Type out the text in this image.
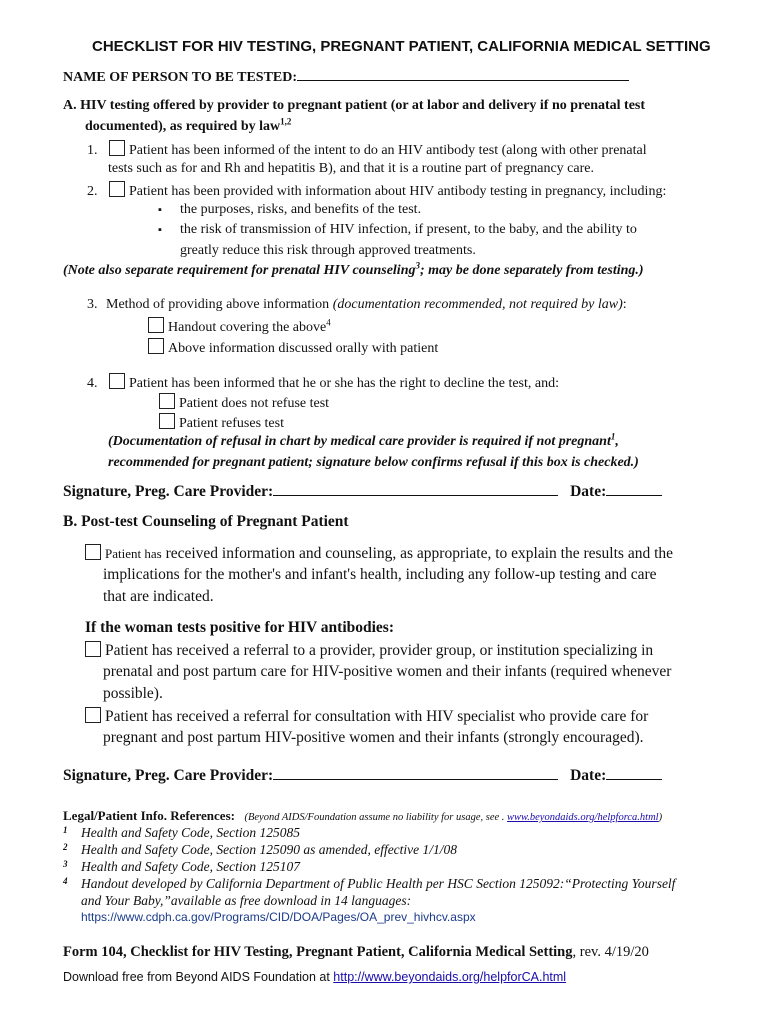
CHECKLIST FOR HIV TESTING, PREGNANT PATIENT, CALIFORNIA MEDICAL SETTING
NAME OF PERSON TO BE TESTED:
A. HIV testing offered by provider to pregnant patient (or at labor and delivery if no prenatal test
documented), as required by law$^{1,2}$
1. Patient has been informed of the intent to do an HIV antibody test (along with other prenatal
tests such as for and Rh and hepatitis B), and that it is a routine part of pregnancy care.
2. Patient has been provided with information about HIV antibody testing in pregnancy, including:
▪ the purposes, risks, and benefits of the test.
▪ the risk of transmission of HIV infection, if present, to the baby, and the ability to
greatly reduce this risk through approved treatments.
(Note also separate requirement for prenatal HIV counseling$^3$; may be done separately from testing.)
3. Method of providing above information (documentation recommended, not required by law):
Handout covering the above$^4$
Above information discussed orally with patient
4. Patient has been informed that he or she has the right to decline the test, and:
Patient does not refuse test
Patient refuses test
(Documentation of refusal in chart by medical care provider is required if not pregnant$^1$,
recommended for pregnant patient; signature below confirms refusal if this box is checked.)
Signature, Preg. Care Provider:	Date:
B. Post-test Counseling of Pregnant Patient
Patient has received information and counseling, as appropriate, to explain the results and the
implications for the mother's and infant's health, including any follow-up testing and care
that are indicated.
If the woman tests positive for HIV antibodies:
Patient has received a referral to a provider, provider group, or institution specializing in
prenatal and post partum care for HIV-positive women and their infants (required whenever
possible).
Patient has received a referral for consultation with HIV specialist who provide care for
pregnant and post partum HIV-positive women and their infants (strongly encouraged).
Signature, Preg. Care Provider:	Date:
Legal/Patient Info. References: (Beyond AIDS/Foundation assume no liability for usage, see . www.beyondaids.org/helpforca.html)
1 Health and Safety Code, Section 125085
2 Health and Safety Code, Section 125090 as amended, effective 1/1/08
3 Health and Safety Code, Section 125107
4 Handout developed by California Department of Public Health per HSC Section 125092:“Protecting Yourself
and Your Baby,”available as free download in 14 languages:
https://www.cdph.ca.gov/Programs/CID/DOA/Pages/OA_prev_hivhcv.aspx
Form 104, Checklist for HIV Testing, Pregnant Patient, California Medical Setting, rev. 4/19/20
Download free from Beyond AIDS Foundation at http://www.beyondaids.org/helpforCA.html
